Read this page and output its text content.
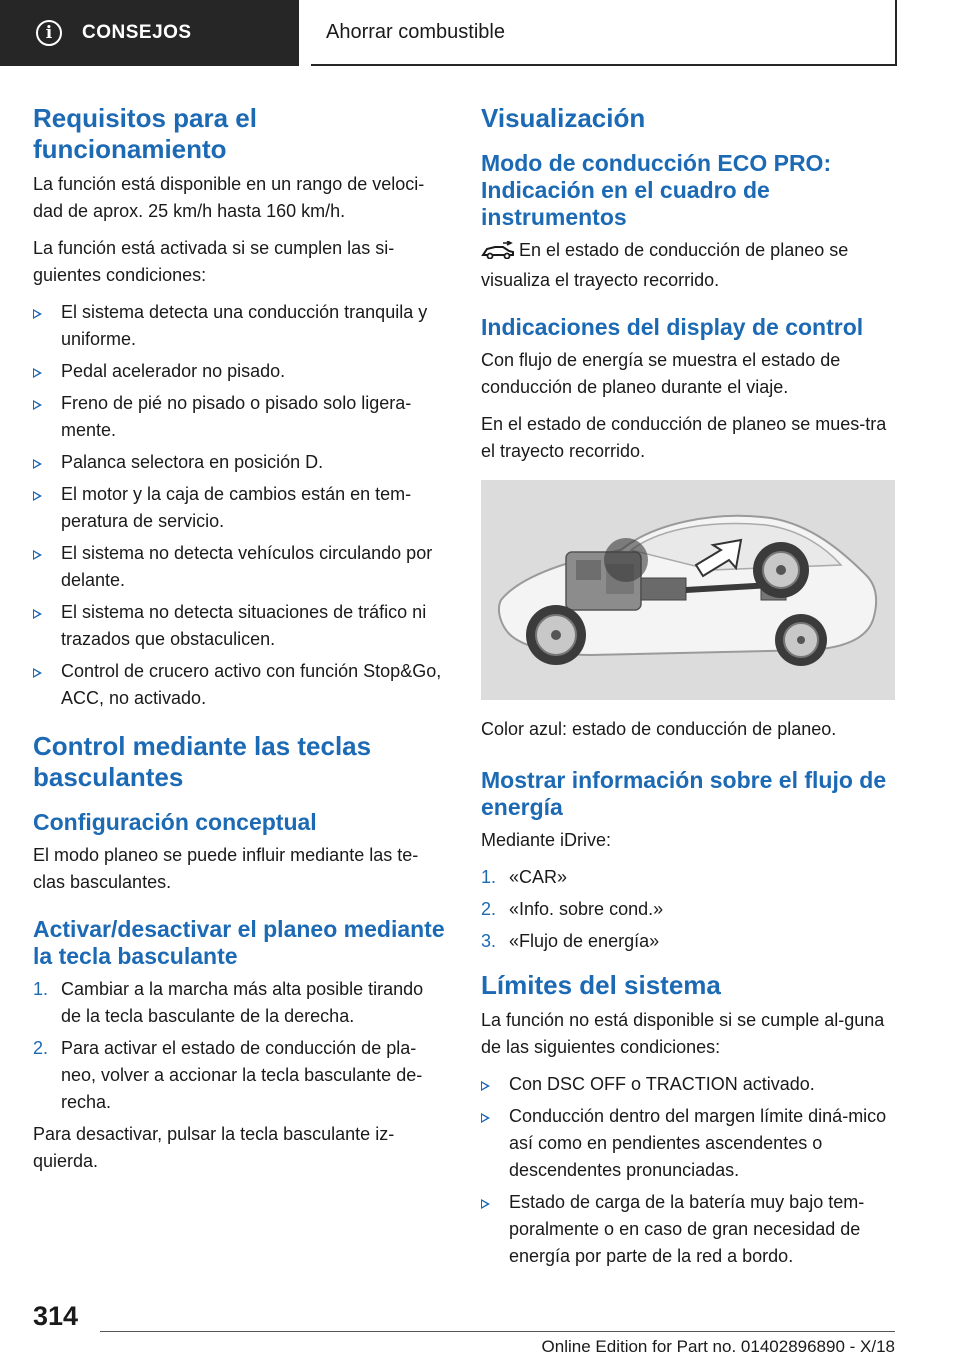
i	CONSEJOS	Ahorrar combustible
Requisitos para el funcionamiento

La función está disponible en un rango de veloci-dad de aprox. 25 km/h hasta 160 km/h.

La función está activada si se cumplen las si-guientes condiciones:

El sistema detecta una conducción tranquila y uniforme.
Pedal acelerador no pisado.
Freno de pié no pisado o pisado solo ligera-mente.
Palanca selectora en posición D.
El motor y la caja de cambios están en tem-peratura de servicio.
El sistema no detecta vehículos circulando por delante.
El sistema no detecta situaciones de tráfico ni trazados que obstaculicen.
Control de crucero activo con función Stop&Go, ACC, no activado.
Control mediante las teclas basculantes
Configuración conceptual

El modo planeo se puede influir mediante las te-clas basculantes.

Activar/desactivar el planeo mediante la tecla basculante
1. Cambiar a la marcha más alta posible tirando de la tecla basculante de la derecha.
2. Para activar el estado de conducción de pla-neo, volver a accionar la tecla basculante de-recha.

Para desactivar, pulsar la tecla basculante iz-quierda.

Visualización
Modo de conducción ECO PRO: Indicación en el cuadro de instrumentos

En el estado de conducción de planeo se visualiza el trayecto recorrido.

Indicaciones del display de control

Con flujo de energía se muestra el estado de conducción de planeo durante el viaje.

En el estado de conducción de planeo se mues-tra el trayecto recorrido.

Color azul: estado de conducción de planeo.

Mostrar información sobre el flujo de energía

Mediante iDrive:

1. «CAR»
2. «Info. sobre cond.»
3. «Flujo de energía»
Límites del sistema

La función no está disponible si se cumple al-guna de las siguientes condiciones:

Con DSC OFF o TRACTION activado.
Conducción dentro del margen límite diná-mico así como en pendientes ascendentes o descendentes pronunciadas.
Estado de carga de la batería muy bajo tem-poralmente o en caso de gran necesidad de energía por parte de la red a bordo.
314
Online Edition for Part no. 01402896890 - X/18
